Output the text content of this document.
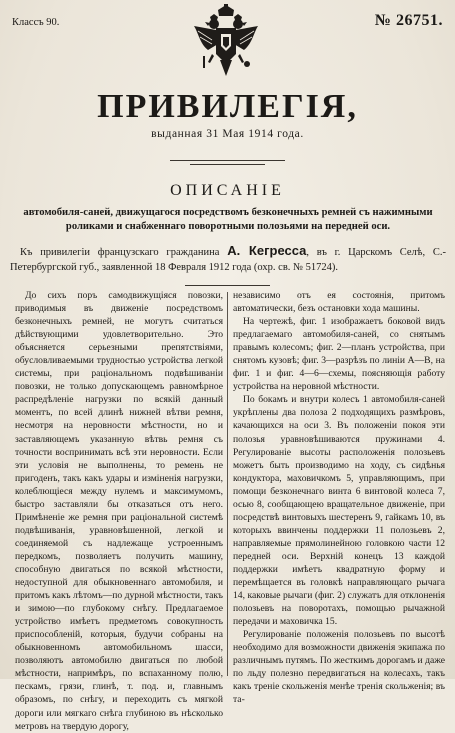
Классъ 90.	№ 26751.
ПРИВИЛЕГІЯ,
выданная 31 Мая 1914 года.
ОПИСАНІЕ
автомобиля-саней, движущагося посредствомъ безконечныхъ ремней съ нажимными роликами и снабженнаго поворотными полозьями на передней оси.
Къ привилегіи французскаго гражданина А. Кегресса, въ г. Царскомъ Селѣ, С.-Петербургской губ., заявленной 18 Февраля 1912 года (охр. св. № 51724).

До сихъ поръ самодвижущіяся повозки, приводимыя въ движеніе посредствомъ безконечныхъ ремней, не могутъ считаться дѣйствующими удовлетворительно. Это объясняется серьезными препятствіями, обусловливаемыми трудностью устройства легкой системы, при раціональномъ подвѣшиваніи повозки, не только допускающемъ равномѣрное распредѣленіе нагрузки по всякій данный моментъ, по всей длинѣ нижней вѣтви ремня, несмотря на неровности мѣстности, но и заставляющемъ указанную вѣтвь ремня съ точности воспринимать всѣ эти неровности. Если эти условія не выполнены, то ремень не пригоденъ, такъ какъ удары и изміненія нагрузки, колеблющіеся между нулемъ и максимумомъ, быстро заставляли бы отказаться отъ него. Примѣненіе же ремня при раціональной системѣ подвѣшиванія, уравновѣшенной, легкой и соединяемой съ надлежаще устроеннымъ передкомъ, позволяетъ получить машину, способную двигаться по всякой мѣстности, недоступной для обыкновеннаго автомобиля, и притомъ какъ лѣтомъ—по дурной мѣстности, такъ и зимою—по глубокому снѣгу. Предлагаемое устройство имѣетъ предметомъ совокупность приспособленій, которыя, будучи собраны на обыкновенномъ автомобильномъ шасси, позволяютъ автомобилю двигаться по любой мѣстности, напримѣръ, по вспаханному полю, пескамъ, грязи, глинѣ, т. под. и, главнымъ образомъ, по снѣгу, и переходить съ мягкой дороги или мягкаго снѣга глубиною въ нѣсколько метровъ на твердую дорогу,

независимо отъ ея состоянія, притомъ автоматически, безъ остановки хода машины.

На чертежѣ, фиг. 1 изображаетъ боковой видъ предлагаемаго автомобиля-саней, со снятымъ правымъ колесомъ; фиг. 2—планъ устройства, при снятомъ кузовѣ; фиг. 3—разрѣзъ по линіи А—В, на фиг. 1 и фиг. 4—6—схемы, поясняющія работу устройства на неровной мѣстности.

По бокамъ и внутри колесъ 1 автомобиля-саней укрѣплены два полоза 2 подходящихъ размѣровъ, качающихся на оси 3. Въ положеніи покоя эти полозья уравновѣшиваются пружинами 4. Регулированіе высоты расположенія полозьевъ можетъ быть производимо на ходу, съ сидѣнья кондуктора, маховичкомъ 5, управляющимъ, при помощи безконечнаго винта 6 винтовой колеса 7, осью 8, сообщающею вращательное движеніе, при посредствѣ винтовыхъ шестеренъ 9, гайкамъ 10, въ которыхъ ввинчены поддержки 11 полозьевъ 2, направляемые прямолинейною головкою части 12 передней оси. Верхній конецъ 13 каждой поддержки имѣетъ квадратную форму и перемѣщается въ головкѣ направляющаго рычага 14, каковые рычаги (фиг. 2) служатъ для отклоненія полозьевъ на поворотахъ, помощью рычажной передачи и маховичка 15.

Регулированіе положенія полозьевъ по высотѣ необходимо для возможности движенія экипажа по различнымъ путямъ. По жесткимъ дорогамъ и даже по льду полезно передвигаться на колесахъ, такъ какъ треніе скольженія менѣе тренія скольженія; въ та-
